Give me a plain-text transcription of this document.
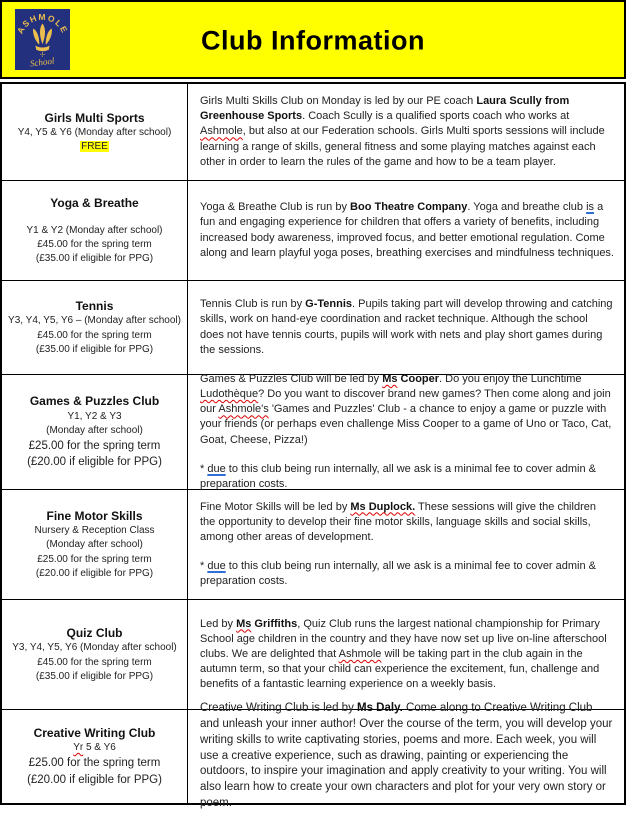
ASHMOLE
School
Club Information
Girls Multi Sports
Y4, Y5 & Y6 (Monday after school)
FREE

Girls Multi Skills Club on Monday is led by our PE coach Laura Scully from Greenhouse Sports. Coach Scully is a qualified sports coach who works at Ashmole, but also at our Federation schools. Girls Multi sports sessions will include learning a range of skills, general fitness and some playing matches against each other in order to learn the rules of the game and how to be a team player.

Yoga & Breathe
Y1 & Y2 (Monday after school)
£45.00 for the spring term
(£35.00 if eligible for PPG)

Yoga & Breathe Club is run by Boo Theatre Company. Yoga and breathe club is a fun and engaging experience for children that offers a variety of benefits, including increased body awareness, improved focus, and better emotional regulation. Come along and learn playful yoga poses, breathing exercises and mindfulness techniques.

Tennis
Y3, Y4, Y5, Y6 – (Monday after school)
£45.00 for the spring term
(£35.00 if eligible for PPG)

Tennis Club is run by G-Tennis. Pupils taking part will develop throwing and catching skills, work on hand-eye coordination and racket technique. Although the school does not have tennis courts, pupils will work with nets and play short games during the sessions.

Games & Puzzles Club
Y1, Y2 & Y3
(Monday after school)
£25.00 for the spring term
(£20.00 if eligible for PPG)

Games & Puzzles Club will be led by Ms Cooper. Do you enjoy the Lunchtime Ludothèque? Do you want to discover brand new games? Then come along and join our Ashmole's 'Games and Puzzles' Club - a chance to enjoy a game or puzzle with your friends (or perhaps even challenge Miss Cooper to a game of Uno or Taco, Cat, Goat, Cheese, Pizza!)

* due to this club being run internally, all we ask is a minimal fee to cover admin & preparation costs.

Fine Motor Skills
Nursery & Reception Class
(Monday after school)
£25.00 for the spring term
(£20.00 if eligible for PPG)

Fine Motor Skills will be led by Ms Duplock. These sessions will give the children the opportunity to develop their fine motor skills, language skills and social skills, among other areas of development.

* due to this club being run internally, all we ask is a minimal fee to cover admin & preparation costs.

Quiz Club
Y3, Y4, Y5, Y6 (Monday after school)
£45.00 for the spring term
(£35.00 if eligible for PPG)

Led by Ms Griffiths, Quiz Club runs the largest national championship for Primary School age children in the country and they have now set up live on-line afterschool clubs. We are delighted that Ashmole will be taking part in the club again in the autumn term, so that your child can experience the excitement, fun, challenge and benefits of a fantastic learning experience on a weekly basis.

Creative Writing Club
Yr 5 & Y6
£25.00 for the spring term
(£20.00 if eligible for PPG)

Creative Writing Club is led by Ms Daly. Come along to Creative Writing Club and unleash your inner author! Over the course of the term, you will develop your writing skills to write captivating stories, poems and more. Each week, you will use a creative experience, such as drawing, painting or experiencing the outdoors, to inspire your imagination and apply creativity to your writing. You will also learn how to create your own characters and plot for your very own story or poem.
